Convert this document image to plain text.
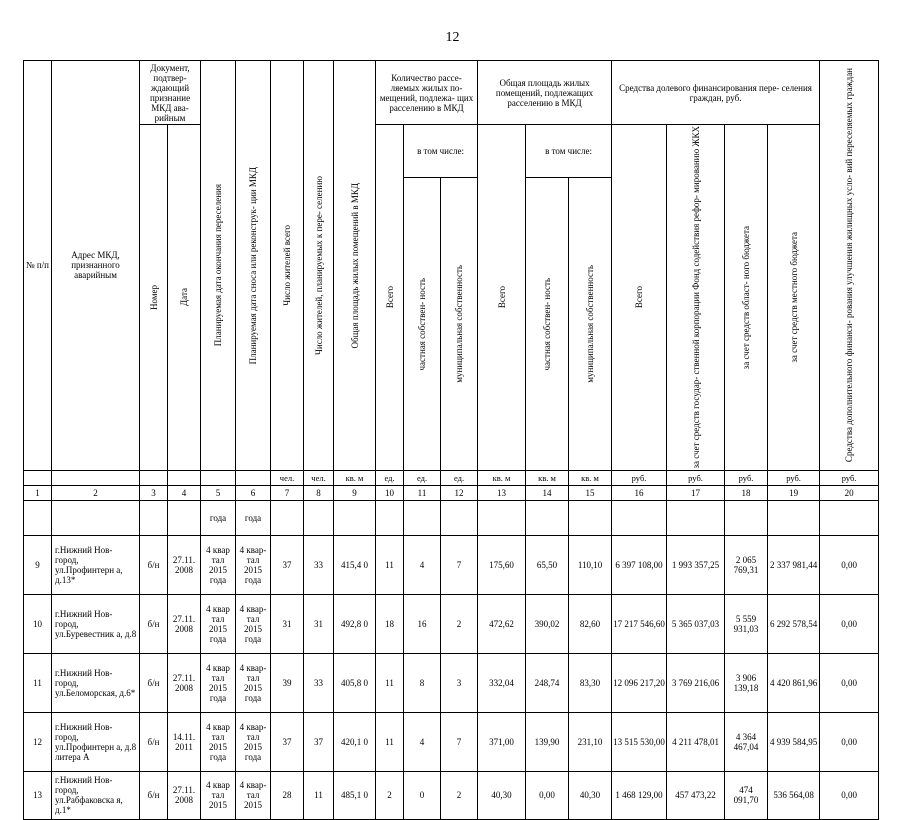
12
№ п/п	Адрес МКД, признанного аварийным	Документ, подтвер- ждающий признание МКД ава- рийным		Планируемая дата окончания переселения	Планируемая дата сноса или реконструк- ции МКД	Число жителей всего	Число жителей, планируемых к пере- селению	Общая площадь жилых помещений в МКД	Количество рассе- ляемых жилых по- мещений, подлежа- щих расселению в МКД			Общая площадь жилых помещений, подлежащих расселению в МКД			Средства долевого финансирования пере- селения граждан, руб.				Средства дополнительного финанси- рования улучшения жилищных усло- вий переселяемых граждан

		Номер	Дата						Всего	в том числе:		Всего	в том числе:		Всего	за счет средств государ- ственной корпорации Фонд содействия рефор- мированию ЖКХ	за счет средств област- ного бюджета	за счет средств местного бюджета	

										частная собствен- ность	муниципальная собственность		частная собствен- ность	муниципальная собственность					

						чел.	чел.	кв. м	ед.	ед.	ед.	кв. м	кв. м	кв. м	руб.	руб.	руб.	руб.	руб.
1	2	3	4	5	6	7	8	9	10	11	12	13	14	15	16	17	18	19	20
				года	года														
9	г.Нижний Нов- город, ул.Профинтерн а, д.13*	б/н	27.11. 2008	4 квар тал 2015 года	4 квар- тал 2015 года	37	33	415,4 0	11	4	7	175,60	65,50	110,10	6 397 108,00	1 993 357,25	2 065 769,31	2 337 981,44	0,00
10	г.Нижний Нов- город, ул.Буревестник а, д.8	б/н	27.11. 2008	4 квар тал 2015 года	4 квар- тал 2015 года	31	31	492,8 0	18	16	2	472,62	390,02	82,60	17 217 546,60	5 365 037,03	5 559 931,03	6 292 578,54	0,00
11	г.Нижний Нов- город, ул.Беломорская, д.6*	б/н	27.11. 2008	4 квар тал 2015 года	4 квар- тал 2015 года	39	33	405,8 0	11	8	3	332,04	248,74	83,30	12 096 217,20	3 769 216,06	3 906 139,18	4 420 861,96	0,00
12	г.Нижний Нов- город, ул.Профинтерн а, д.8 литера А	б/н	14.11. 2011	4 квар тал 2015 года	4 квар- тал 2015 года	37	37	420,1 0	11	4	7	371,00	139,90	231,10	13 515 530,00	4 211 478,01	4 364 467,04	4 939 584,95	0,00
13	г.Нижний Нов- город, ул.Рабфаковска я, д.1*	б/н	27.11. 2008	4 квар тал 2015	4 квар- тал 2015	28	11	485,1 0	2	0	2	40,30	0,00	40,30	1 468 129,00	457 473,22	474 091,70	536 564,08	0,00
